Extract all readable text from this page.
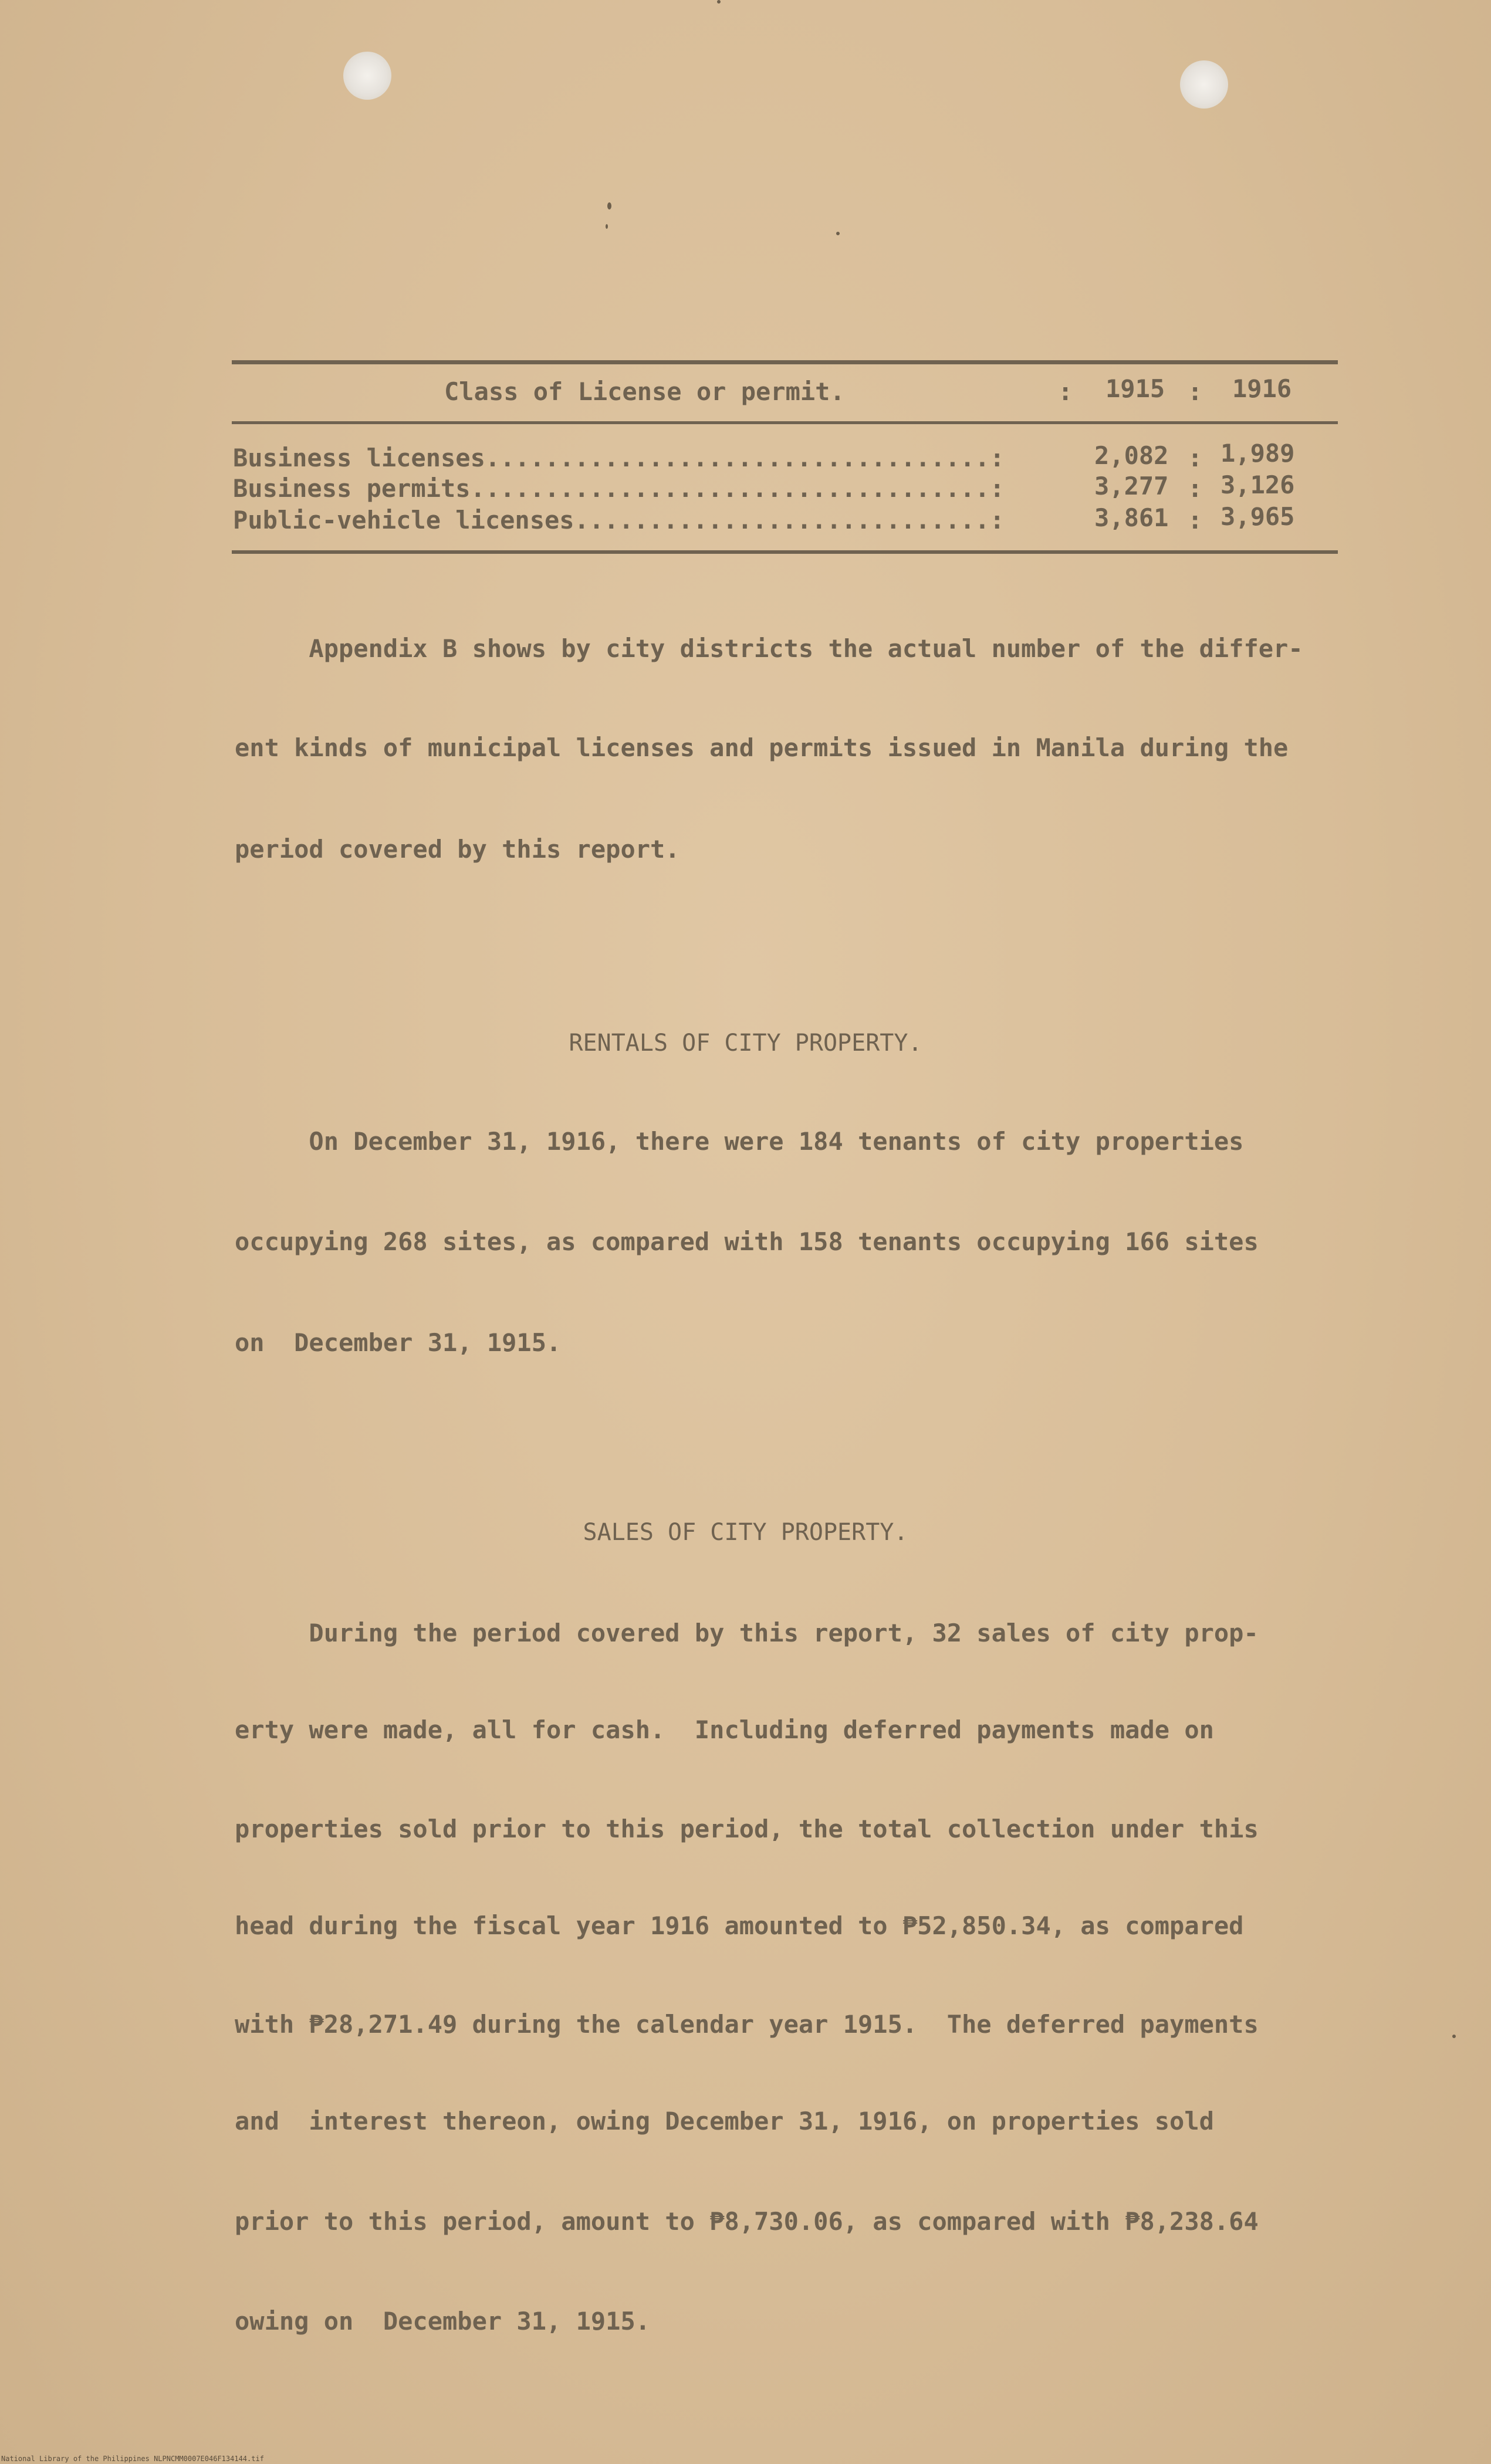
Class of License or permit.	: 1915 : 1916
Business licenses..................................:	2,082 : 1,989
Business permits...................................:	3,277 : 3,126
Public-vehicle licenses............................:	3,861 : 3,965
Appendix B shows by city districts the actual number of the differ-
ent kinds of municipal licenses and permits issued in Manila during the
period covered by this report.
RENTALS OF CITY PROPERTY.
On December 31, 1916, there were 184 tenants of city properties
occupying 268 sites, as compared with 158 tenants occupying 166 sites
on  December 31, 1915.
SALES OF CITY PROPERTY.
During the period covered by this report, 32 sales of city prop-
erty were made, all for cash.  Including deferred payments made on
properties sold prior to this period, the total collection under this
head during the fiscal year 1916 amounted to ₱52,850.34, as compared
with ₱28,271.49 during the calendar year 1915.  The deferred payments
and  interest thereon, owing December 31, 1916, on properties sold
prior to this period, amount to ₱8,730.06, as compared with ₱8,238.64
owing on  December 31, 1915.
National Library of the Philippines NLPNCMM0007E046F134144.tif
